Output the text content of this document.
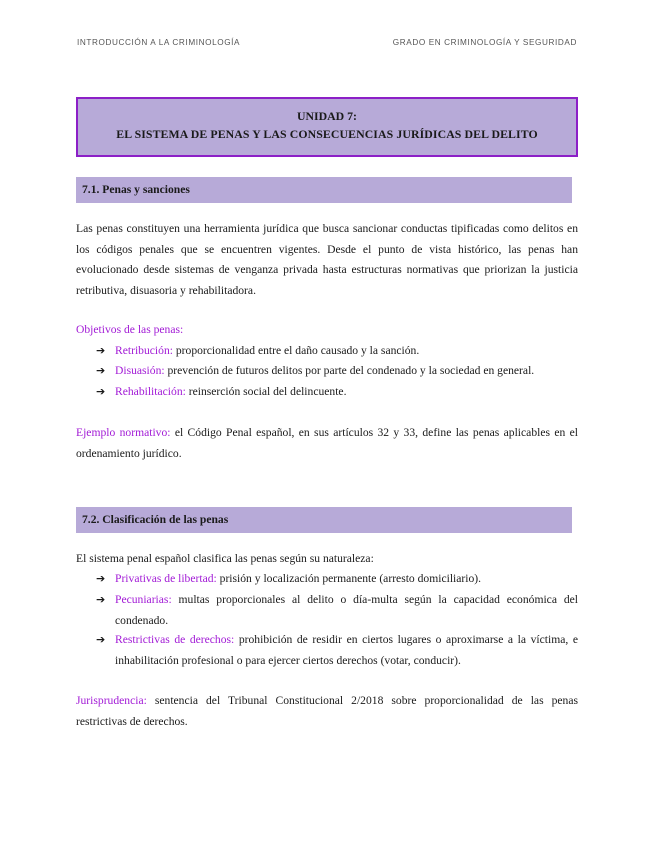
INTRODUCCIÓN A LA CRIMINOLOGÍA	GRADO EN CRIMINOLOGÍA Y SEGURIDAD
UNIDAD 7:
EL SISTEMA DE PENAS Y LAS CONSECUENCIAS JURÍDICAS DEL DELITO
7.1. Penas y sanciones
Las penas constituyen una herramienta jurídica que busca sancionar conductas tipificadas como delitos en los códigos penales que se encuentren vigentes. Desde el punto de vista histórico, las penas han evolucionado desde sistemas de venganza privada hasta estructuras normativas que priorizan la justicia retributiva, disuasoria y rehabilitadora.
Objetivos de las penas:
➔ Retribución: proporcionalidad entre el daño causado y la sanción.
➔ Disuasión: prevención de futuros delitos por parte del condenado y la sociedad en general.
➔ Rehabilitación: reinserción social del delincuente.
Ejemplo normativo: el Código Penal español, en sus artículos 32 y 33, define las penas aplicables en el ordenamiento jurídico.
7.2. Clasificación de las penas
El sistema penal español clasifica las penas según su naturaleza:
➔ Privativas de libertad: prisión y localización permanente (arresto domiciliario).
➔ Pecuniarias: multas proporcionales al delito o día-multa según la capacidad económica del condenado.
➔ Restrictivas de derechos: prohibición de residir en ciertos lugares o aproximarse a la víctima, e inhabilitación profesional o para ejercer ciertos derechos (votar, conducir).
Jurisprudencia: sentencia del Tribunal Constitucional 2/2018 sobre proporcionalidad de las penas restrictivas de derechos.
